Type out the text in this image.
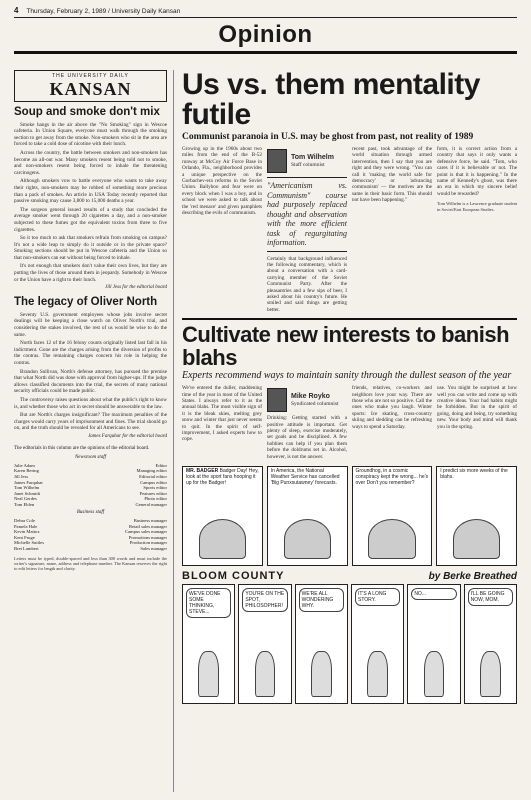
4 Thursday, February 2, 1989 / University Daily Kansan
Opinion
THE UNIVERSITY DAILY
KANSAN
Soup and smoke don't mix

Smoke hangs in the air above the "No Smoking" sign in Wescoe cafeteria. In Union Square, everyone must walk through the smoking section to get away from the smoke. Non-smokers who sit in the area are forced to take a cold dose of nicotine with their lunch.

Across the country, the battle between smokers and non-smokers has become an all-out war. Many smokers resent being told not to smoke, and non-smokers resent being forced to inhale the threatening carcinogens.

Although smokers vow to battle everyone who wants to take away their rights, non-smokers may be robbed of something more precious than a pack of smokes. An article in USA Today recently reported that passive smoking may cause 3,800 to 15,000 deaths a year.

The surgeon general issued results of a study that concluded the average smoker went through 20 cigarettes a day, and a non-smoker subjected to these fumes got the equivalent toxins from three to five cigarettes.

So it too much to ask that smokers refrain from smoking on campus? It's not a wide leap to simply do it outside or in the private space? Smoking sections should be put in Wescoe cafeteria and the Union so that non-smokers can eat without being forced to inhale.

It's not enough that smokers don't value their own lives, but they are putting the lives of those around them in jeopardy. Somebody in Wescoe or the Union have a right to their lunch.

Jill Jess for the editorial board
The legacy of Oliver North

Seventy U.S. government employees whose jobs involve secret dealings will be keeping a close watch on Oliver North's trial, and considering the stakes involved, the rest of us would be wise to do the same.

North faces 12 of the 16 felony counts originally listed last fall in his indictment. Gone are the charges arising from the diversion of profits to the contras. The remaining charges concern his role in helping the contras.

Brandon Sullivan, North's defense attorney, has pursued the premise that what North did was done with approval from higher-ups. If the judge allows classified documents into the trial, the secrets of many national security officials could be made public.

The controversy raises questions about what the public's right to know is, and whether those who act in secret should be answerable to the law.

But are North's charges insignificant? The maximum penalties of the charges would carry years of imprisonment and fines. The trial should go on, and the truth should be revealed for all Americans to see.

James Farquhar for the editorial board
The editorials in this column are the opinions of the editorial board.
Newsroom staff
Julie Adam	Editor
Karen Bering	Managing editor
Jill Jess	Editorial editor
James Farquhar	Campus editor
Tom Wilhelm	Sports editor
Janet Schmidt	Features editor
Neal Gerdes	Photo editor
Tom Eblen	General manager
Business staff
Debra Cole	Business manager
Pamela Hale	Retail sales manager
Kevin Mattox	Campus sales manager
Kent Fruge	Promotions manager
Michelle Suttles	Production manager
Bret Lambert	Sales manager
Letters must be typed, double-spaced and less than 300 words and must include the writer's signature, name, address and telephone number. The Kansan reserves the right to edit letters for length and clarity.
Us vs. them mentality futile
Communist paranoia in U.S. may be ghost from past, not reality of 1989

Growing up in the 1960s about two miles from the end of the B-52 runway at McCoy Air Force Base in Orlando, Fla., neighborhood provides a unique perspective on the Gorbachev-era reforms in the Soviet Union. Ballyhoo and fear were on every block when I was a boy, and in school we were asked to talk about the 'red menace' and given pamphlets describing the evils of communism.

Tom Wilhelm
Staff columnist
"Americanism vs. Communism" course had purposely replaced thought and observation with the more efficient task of regurgitating information.

Certainly that background influenced the following commentary, which is about a conversation with a card-carrying member of the Soviet Communist Party. After the pleasantries and a few sips of beer, I asked about his country's future. He smiled and said things are getting better.

recent past, took advantage of the world situation through armed intervention, then I say that you are right and they were wrong. "You can call it 'making the world safe for democracy' or 'advancing communism' — the motives are the same in their basic form. This should not have been happening."

form, it is correct action from a country that says it only wants a defensive force, he said. "Tom, who cares if it is believable or not. The point is that it is happening." In the name of Kennedy's ghost, was there an era in which my sincere belief would be rewarded?

Tom Wilhelm is a Lawrence graduate student in Soviet/East European Studies.

Cultivate new interests to banish blahs
Experts recommend ways to maintain sanity through the dullest season of the year

We've entered the duller, maddening time of the year in most of the United States. I always refer to it as the annual blahs. The most visible sign of it is the bleak skies, melting grey snow and winter that just never seems to quit. In the spirit of self-improvement, I asked experts how to cope.

Mike Royko
Syndicated columnist

Drinking: Getting started with a positive attitude is important. Get plenty of sleep, exercise moderately, set goals and be disciplined. A few hobbies can help if you plan them before the doldrums set in. Alcohol, however, is not the answer.

friends, relatives, co-workers and neighbors love your way. There are those who are not so positive. Call the ones who make you laugh. Winter sports: Ice skating, cross-country skiing and sledding can be refreshing ways to spend a Saturday.

use. You might be surprised at how well you can write and come up with creative ideas. Your bad habits might be forbidden. But in the spirit of going, doing and being, try something new. Your body and mind will thank you in the spring.

MR. BADGER Badger Day! Hey, look at the sport fans hooping it up for the Badger!
In America, the National Weather Service has cancelled 'Big Punxsutawney' forecasts.
Groundhog, in a cosmic conspiracy kept the wrong... he's over Don't you remember?
I predict six more weeks of the blahs.
BLOOM COUNTY	by Berke Breathed
WE'VE DONE SOME THINKING, STEVE...
YOU'RE ON THE SPOT, PHILOSOPHER!
WE'RE ALL WONDERING WHY.
IT'S A LONG STORY.
NO...	I'LL BE GOING NOW, MOM.
